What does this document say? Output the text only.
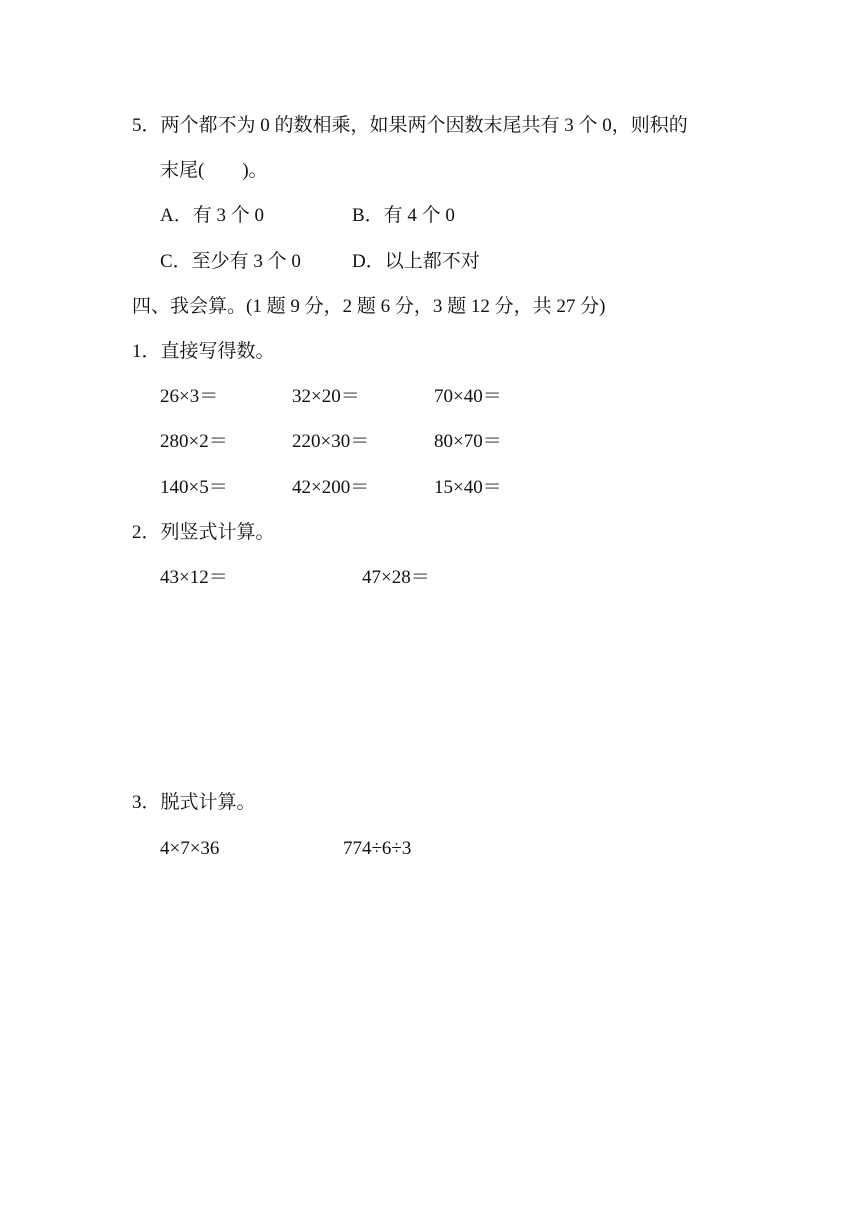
5．两个都不为 0 的数相乘，如果两个因数末尾共有 3 个 0，则积的
末尾(　　)。
A．有 3 个 0	B．有 4 个 0
C．至少有 3 个 0	D．以上都不对
四、我会算。(1 题 9 分，2 题 6 分，3 题 12 分，共 27 分)
1．直接写得数。
26×3＝	32×20＝	70×40＝
280×2＝	220×30＝	80×70＝
140×5＝	42×200＝	15×40＝
2．列竖式计算。
43×12＝	47×28＝
3．脱式计算。
4×7×36	774÷6÷3
